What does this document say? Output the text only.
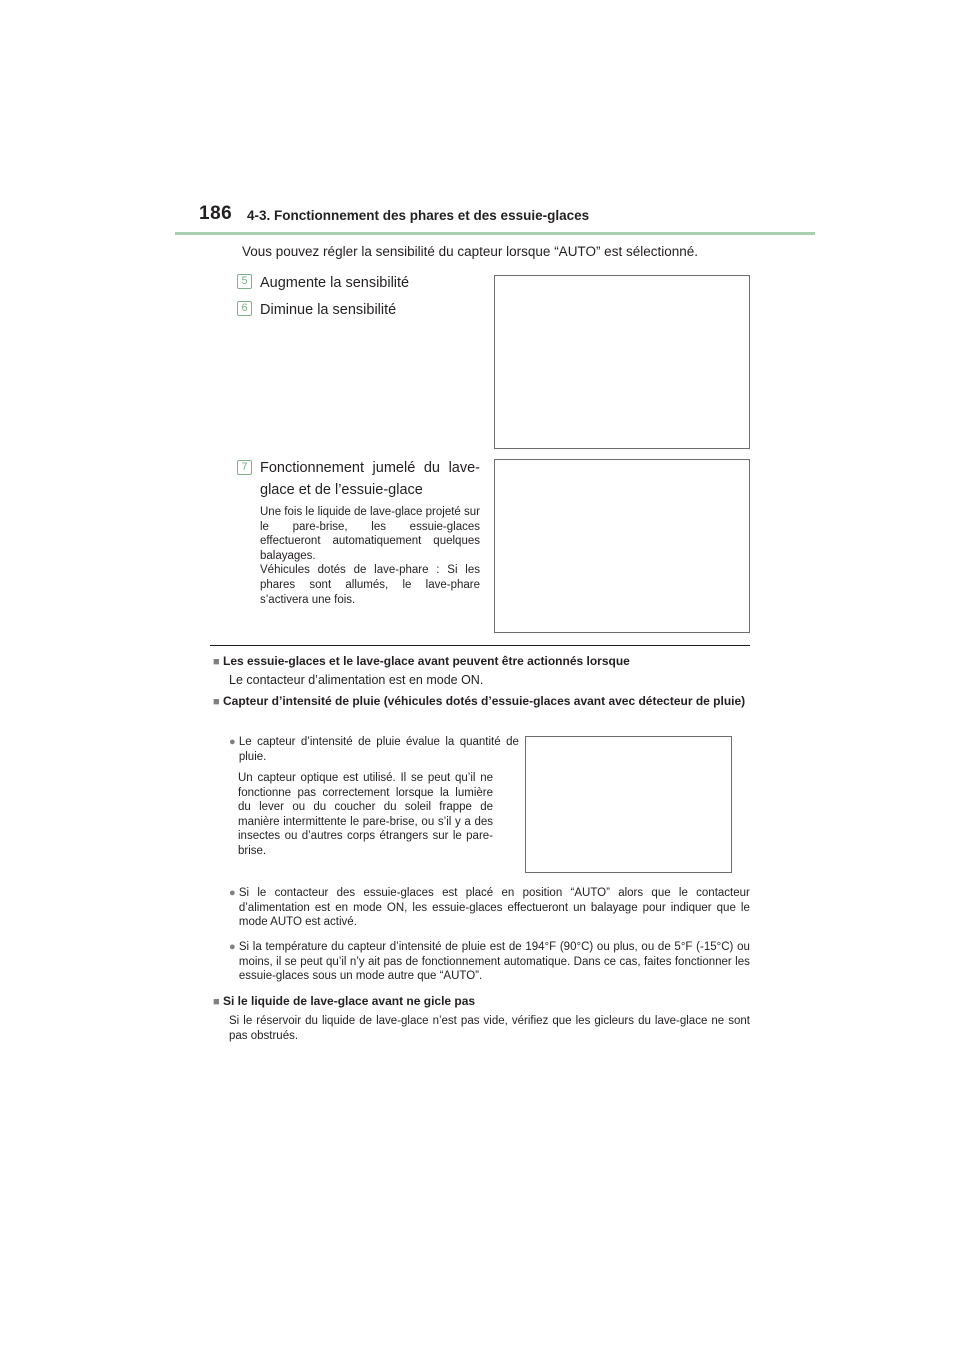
186 4-3. Fonctionnement des phares et des essuie-glaces
Vous pouvez régler la sensibilité du capteur lorsque “AUTO” est sélectionné.
5 Augmente la sensibilité
6 Diminue la sensibilité
7 Fonctionnement jumelé du lave-glace et de l’essuie-glace
Une fois le liquide de lave-glace projeté sur le pare-brise, les essuie-glaces effectueront automatiquement quelques balayages.
Véhicules dotés de lave-phare : Si les phares sont allumés, le lave-phare s’activera une fois.
■ Les essuie-glaces et le lave-glace avant peuvent être actionnés lorsque
Le contacteur d’alimentation est en mode ON.
■ Capteur d’intensité de pluie (véhicules dotés d’essuie-glaces avant avec détecteur de pluie)
● Le capteur d’intensité de pluie évalue la quantité de pluie.
Un capteur optique est utilisé. Il se peut qu’il ne fonctionne pas correctement lorsque la lumière du lever ou du coucher du soleil frappe de manière intermittente le pare-brise, ou s’il y a des insectes ou d’autres corps étrangers sur le pare-brise.
● Si le contacteur des essuie-glaces est placé en position “AUTO” alors que le contacteur d’alimentation est en mode ON, les essuie-glaces effectueront un balayage pour indiquer que le mode AUTO est activé.
● Si la température du capteur d’intensité de pluie est de 194°F (90°C) ou plus, ou de 5°F (-15°C) ou moins, il se peut qu’il n’y ait pas de fonctionnement automatique. Dans ce cas, faites fonctionner les essuie-glaces sous un mode autre que “AUTO”.
■ Si le liquide de lave-glace avant ne gicle pas
Si le réservoir du liquide de lave-glace n’est pas vide, vérifiez que les gicleurs du lave-glace ne sont pas obstrués.
